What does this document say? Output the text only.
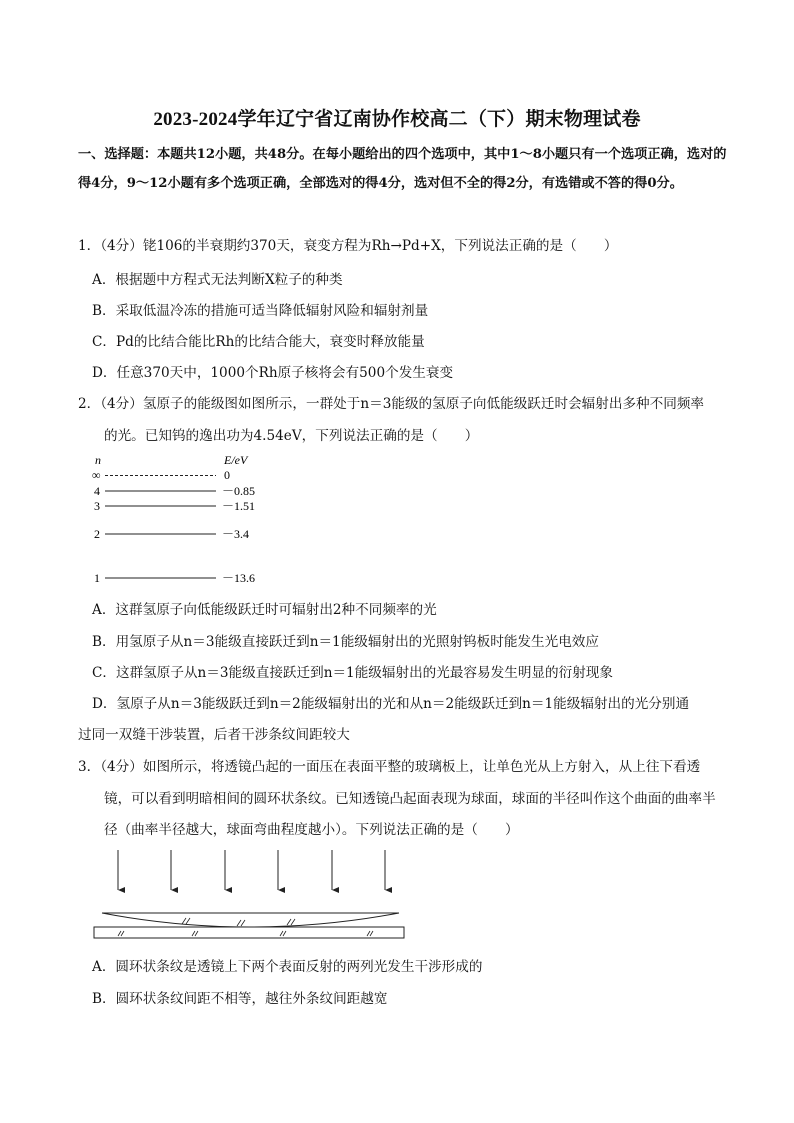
2023-2024学年辽宁省辽南协作校高二（下）期末物理试卷
一、选择题：本题共12小题，共48分。在每小题给出的四个选项中，其中1～8小题只有一个选项正确，选对的得4分，9～12小题有多个选项正确，全部选对的得4分，选对但不全的得2分，有选错或不答的得0分。
1．（4分）铑106的半衰期约370天，衰变方程为Rh→Pd+X，下列说法正确的是（　　）
A．根据题中方程式无法判断X粒子的种类
B．采取低温冷冻的措施可适当降低辐射风险和辐射剂量
C．Pd的比结合能比Rh的比结合能大，衰变时释放能量
D．任意370天中，1000个Rh原子核将会有500个发生衰变
2．（4分）氢原子的能级图如图所示，一群处于n＝3能级的氢原子向低能级跃迁时会辐射出多种不同频率
的光。已知钨的逸出功为4.54eV，下列说法正确的是（　　）
n	E/eV
∞	0
4	－0.85
3	－1.51
2	－3.4
1	－13.6
A．这群氢原子向低能级跃迁时可辐射出2种不同频率的光
B．用氢原子从n＝3能级直接跃迁到n＝1能级辐射出的光照射钨板时能发生光电效应
C．这群氢原子从n＝3能级直接跃迁到n＝1能级辐射出的光最容易发生明显的衍射现象
D．氢原子从n＝3能级跃迁到n＝2能级辐射出的光和从n＝2能级跃迁到n＝1能级辐射出的光分别通
过同一双缝干涉装置，后者干涉条纹间距较大
3．（4分）如图所示，将透镜凸起的一面压在表面平整的玻璃板上，让单色光从上方射入，从上往下看透
镜，可以看到明暗相间的圆环状条纹。已知透镜凸起面表现为球面，球面的半径叫作这个曲面的曲率半
径（曲率半径越大，球面弯曲程度越小）。下列说法正确的是（　　）
A．圆环状条纹是透镜上下两个表面反射的两列光发生干涉形成的
B．圆环状条纹间距不相等，越往外条纹间距越宽
